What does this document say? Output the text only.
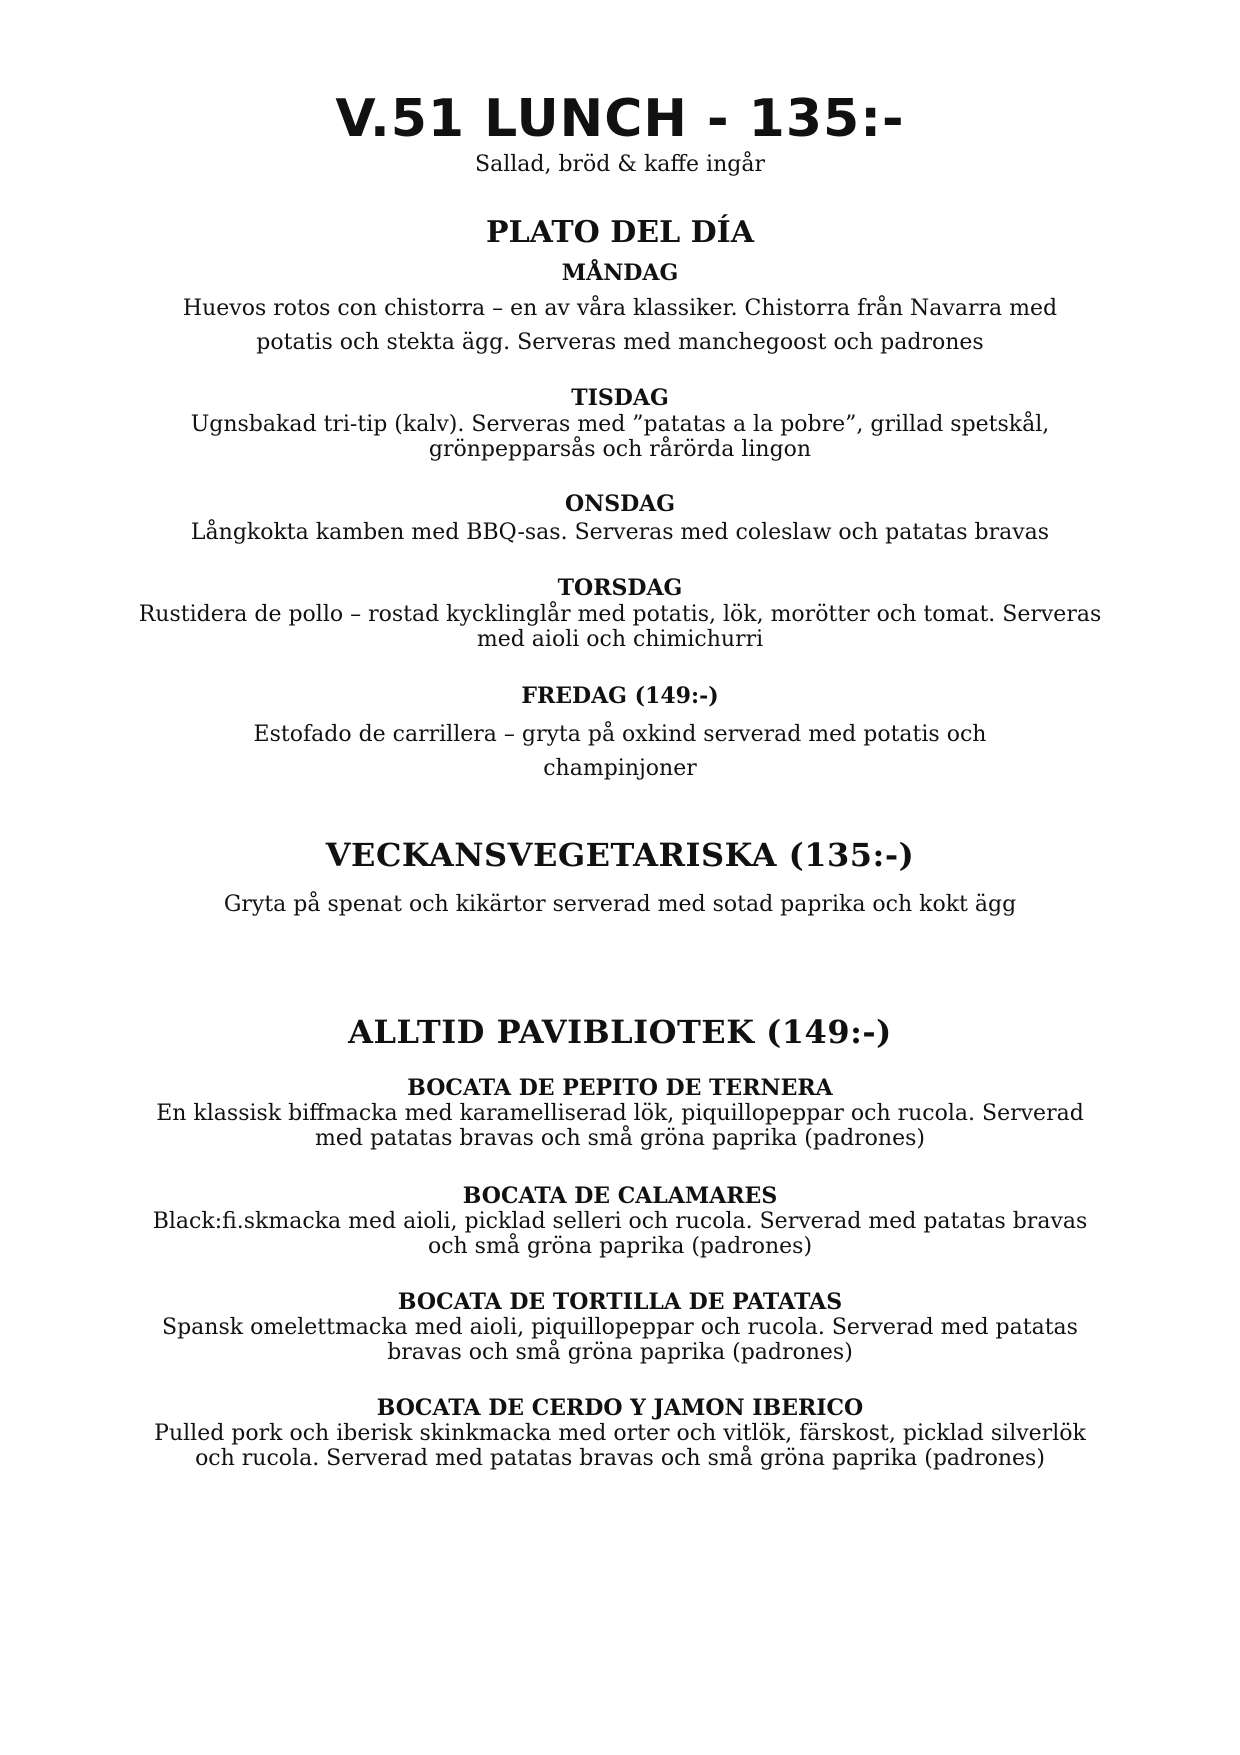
V.51 LUNCH - 135:-

Sallad, bröd & kaffe ingår

PLATO DEL DÍA
MÅNDAG
Huevos rotos con chistorra – en av våra klassiker. Chistorra från Navarra med potatis och stekta ägg. Serveras med manchegoost och padrones
TISDAG
Ugnsbakad tri-tip (kalv). Serveras med ”patatas a la pobre”, grillad spetskål, grönpepparsås och rårörda lingon
ONSDAG
Långkokta kamben med BBQ-sas. Serveras med coleslaw och patatas bravas
TORSDAG
Rustidera de pollo – rostad kycklinglår med potatis, lök, morötter och tomat. Serveras med aioli och chimichurri
FREDAG (149:-)
Estofado de carrillera – gryta på oxkind serverad med potatis och champinjoner
VECKANSVEGETARISKA (135:-)
Gryta på spenat och kikärtor serverad med sotad paprika och kokt ägg
ALLTID PAVIBLIOTEK (149:-)
BOCATA DE PEPITO DE TERNERA
En klassisk biffmacka med karamelliserad lök, piquillopeppar och rucola. Serverad med patatas bravas och små gröna paprika (padrones)
BOCATA DE CALAMARES
Black:fi.skmacka med aioli, picklad selleri och rucola. Serverad med patatas bravas och små gröna paprika (padrones)
BOCATA DE TORTILLA DE PATATAS
Spansk omelettmacka med aioli, piquillopeppar och rucola. Serverad med patatas bravas och små gröna paprika (padrones)
BOCATA DE CERDO Y JAMON IBERICO
Pulled pork och iberisk skinkmacka med orter och vitlök, färskost, picklad silverlök och rucola. Serverad med patatas bravas och små gröna paprika (padrones)
